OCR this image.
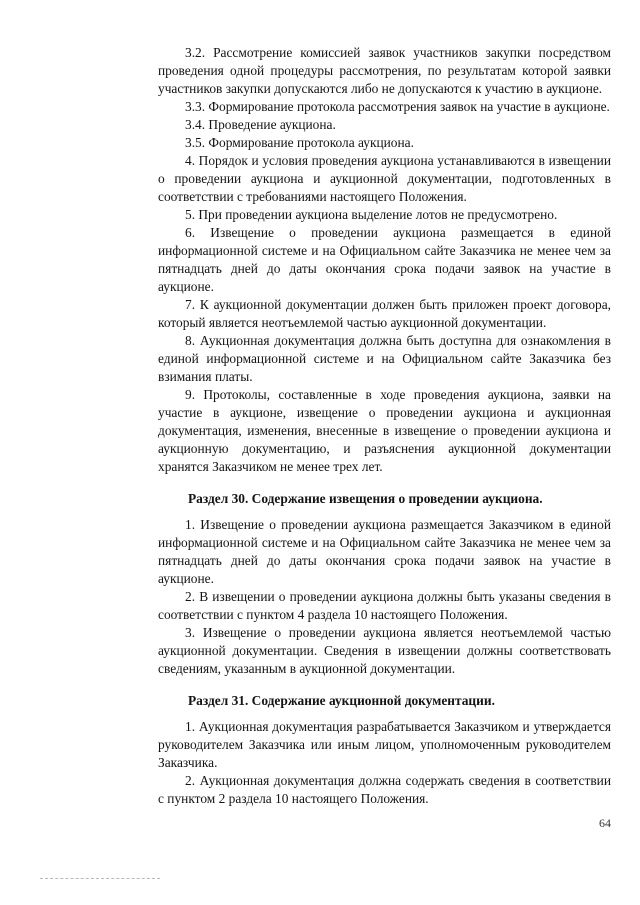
3.2. Рассмотрение комиссией заявок участников закупки посредством проведения одной процедуры рассмотрения, по результатам которой заявки участников закупки допускаются либо не допускаются к участию в аукционе.

3.3. Формирование протокола рассмотрения заявок на участие в аукционе.

3.4. Проведение аукциона.

3.5. Формирование протокола аукциона.

4. Порядок и условия проведения аукциона устанавливаются в извещении о проведении аукциона и аукционной документации, подготовленных в соответствии с требованиями настоящего Положения.

5. При проведении аукциона выделение лотов не предусмотрено.

6. Извещение о проведении аукциона размещается в единой информационной системе и на Официальном сайте Заказчика не менее чем за пятнадцать дней до даты окончания срока подачи заявок на участие в аукционе.

7. К аукционной документации должен быть приложен проект договора, который является неотъемлемой частью аукционной документации.

8. Аукционная документация должна быть доступна для ознакомления в единой информационной системе и на Официальном сайте Заказчика без взимания платы.

9. Протоколы, составленные в ходе проведения аукциона, заявки на участие в аукционе, извещение о проведении аукциона и аукционная документация, изменения, внесенные в извещение о проведении аукциона и аукционную документацию, и разъяснения аукционной документации хранятся Заказчиком не менее трех лет.

Раздел 30. Содержание извещения о проведении аукциона.

1. Извещение о проведении аукциона размещается Заказчиком в единой информационной системе и на Официальном сайте Заказчика не менее чем за пятнадцать дней до даты окончания срока подачи заявок на участие в аукционе.

2. В извещении о проведении аукциона должны быть указаны сведения в соответствии с пунктом 4 раздела 10 настоящего Положения.

3. Извещение о проведении аукциона является неотъемлемой частью аукционной документации. Сведения в извещении должны соответствовать сведениям, указанным в аукционной документации.

Раздел 31. Содержание аукционной документации.

1. Аукционная документация разрабатывается Заказчиком и утверждается руководителем Заказчика или иным лицом, уполномоченным руководителем Заказчика.

2. Аукционная документация должна содержать сведения в соответствии с пунктом 2 раздела 10 настоящего Положения.

64
